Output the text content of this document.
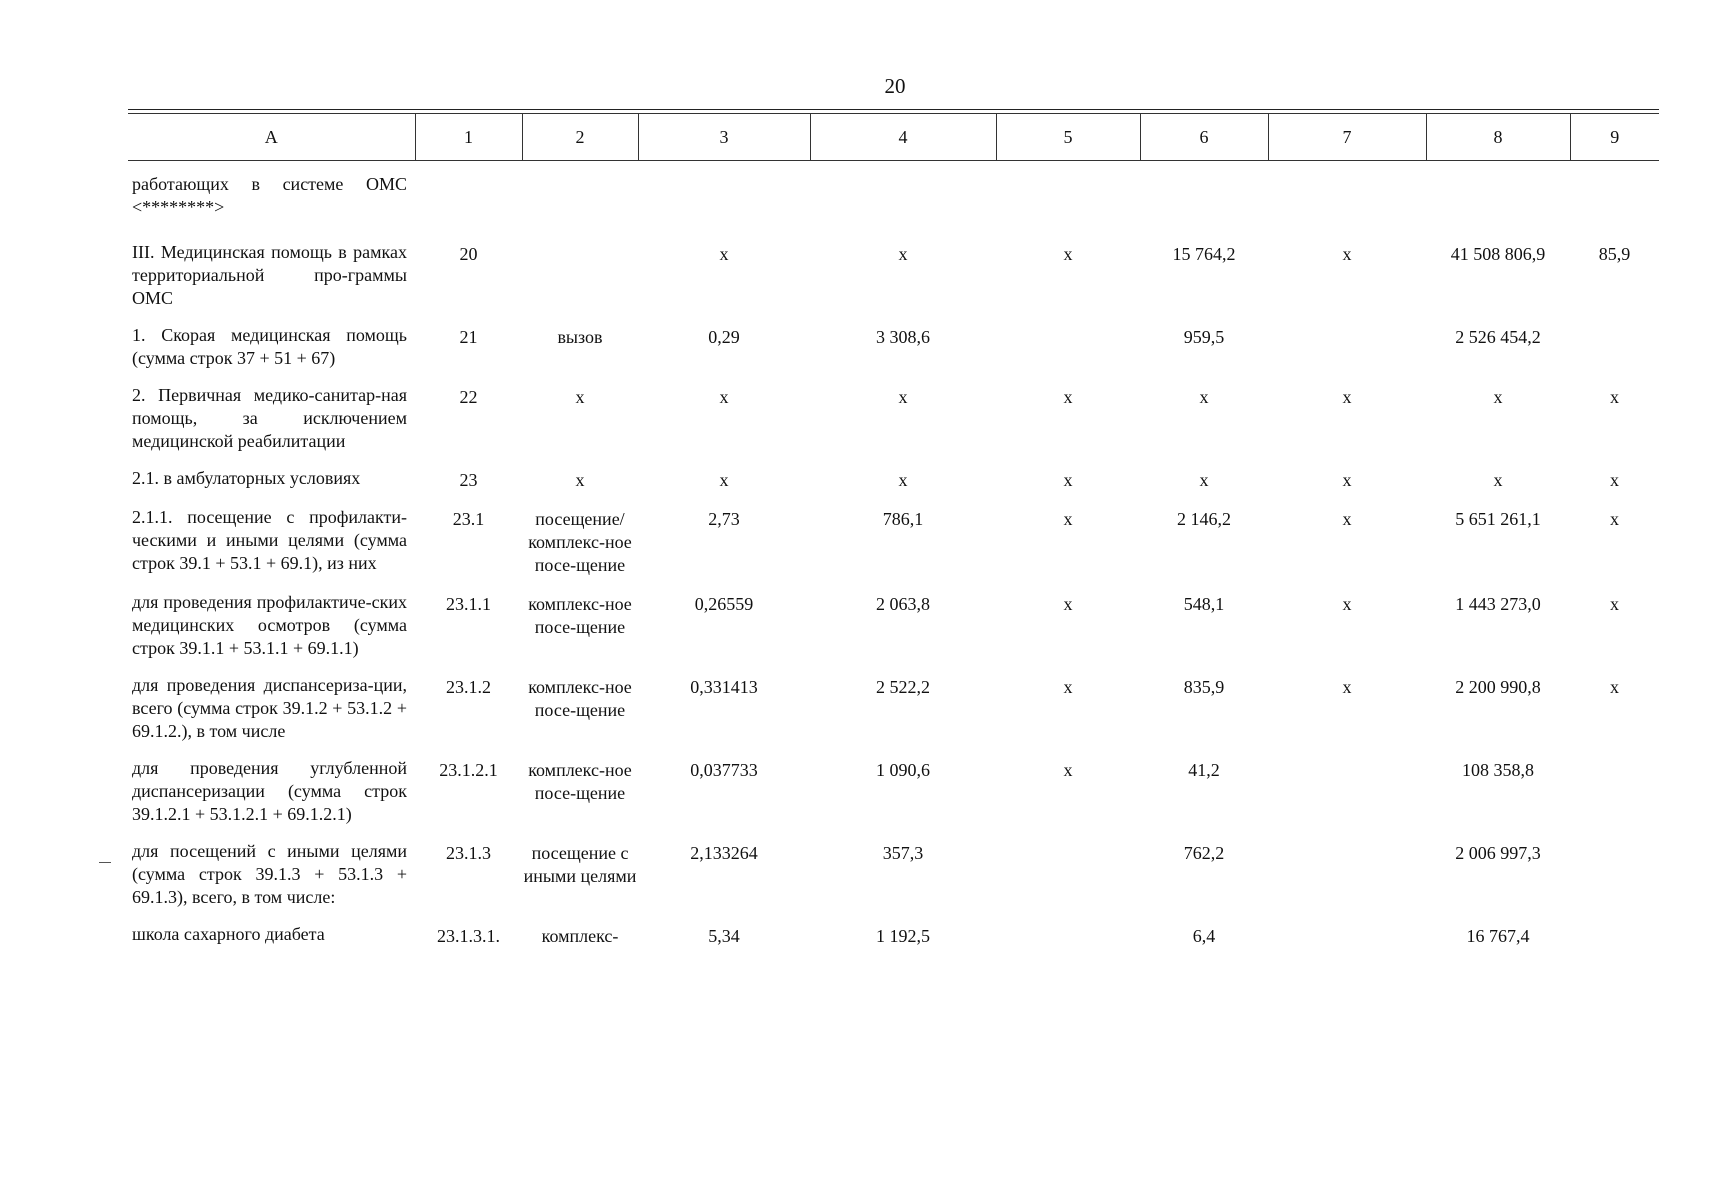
20
А	1	2	3	4	5	6	7	8	9
работающих в системе ОМС <********>									
III. Медицинская помощь в рамках территориальной про-граммы ОМС	20		х	х	х	15 764,2	х	41 508 806,9	85,9
1. Скорая медицинская помощь (сумма строк 37 + 51 + 67)	21	вызов	0,29	3 308,6		959,5		2 526 454,2	
2. Первичная медико-санитар-ная помощь, за исключением медицинской реабилитации	22	х	х	х	х	х	х	х	х
2.1. в амбулаторных условиях	23	х	х	х	х	х	х	х	х
2.1.1. посещение с профилакти-ческими и иными целями (сумма строк 39.1 + 53.1 + 69.1), из них	23.1	посещение/ комплекс-ное посе-щение	2,73	786,1	х	2 146,2	х	5 651 261,1	х
для проведения профилактиче-ских медицинских осмотров (сумма строк 39.1.1 + 53.1.1 + 69.1.1)	23.1.1	комплекс-ное посе-щение	0,26559	2 063,8	х	548,1	х	1 443 273,0	х
для проведения диспансериза-ции, всего (сумма строк 39.1.2 + 53.1.2 + 69.1.2.), в том числе	23.1.2	комплекс-ное посе-щение	0,331413	2 522,2	х	835,9	х	2 200 990,8	х
для проведения углубленной диспансеризации (сумма строк 39.1.2.1 + 53.1.2.1 + 69.1.2.1)	23.1.2.1	комплекс-ное посе-щение	0,037733	1 090,6	х	41,2		108 358,8	
для посещений с иными целями (сумма строк 39.1.3 + 53.1.3 + 69.1.3), всего, в том числе:	23.1.3	посещение с иными целями	2,133264	357,3		762,2		2 006 997,3	
школа сахарного диабета	23.1.3.1.	комплекс-	5,34	1 192,5		6,4		16 767,4	
